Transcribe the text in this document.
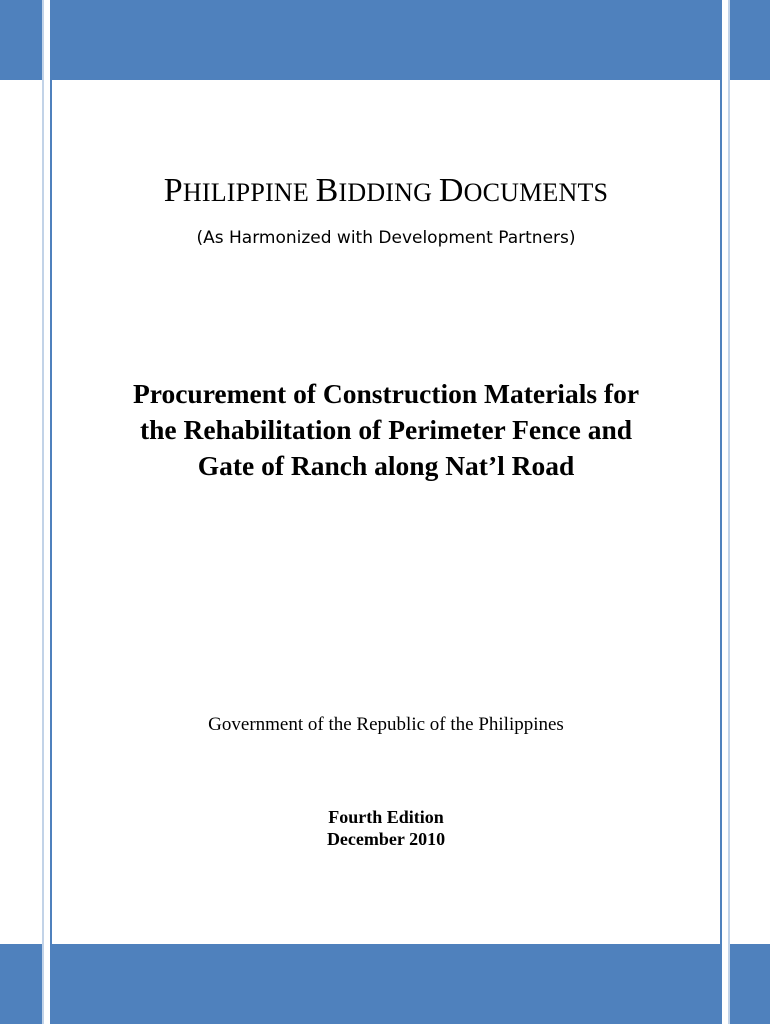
PHILIPPINE BIDDING DOCUMENTS
(As Harmonized with Development Partners)
Procurement of Construction Materials for
the Rehabilitation of Perimeter Fence and
Gate of Ranch along Nat’l Road
Government of the Republic of the Philippines
Fourth Edition
December 2010
